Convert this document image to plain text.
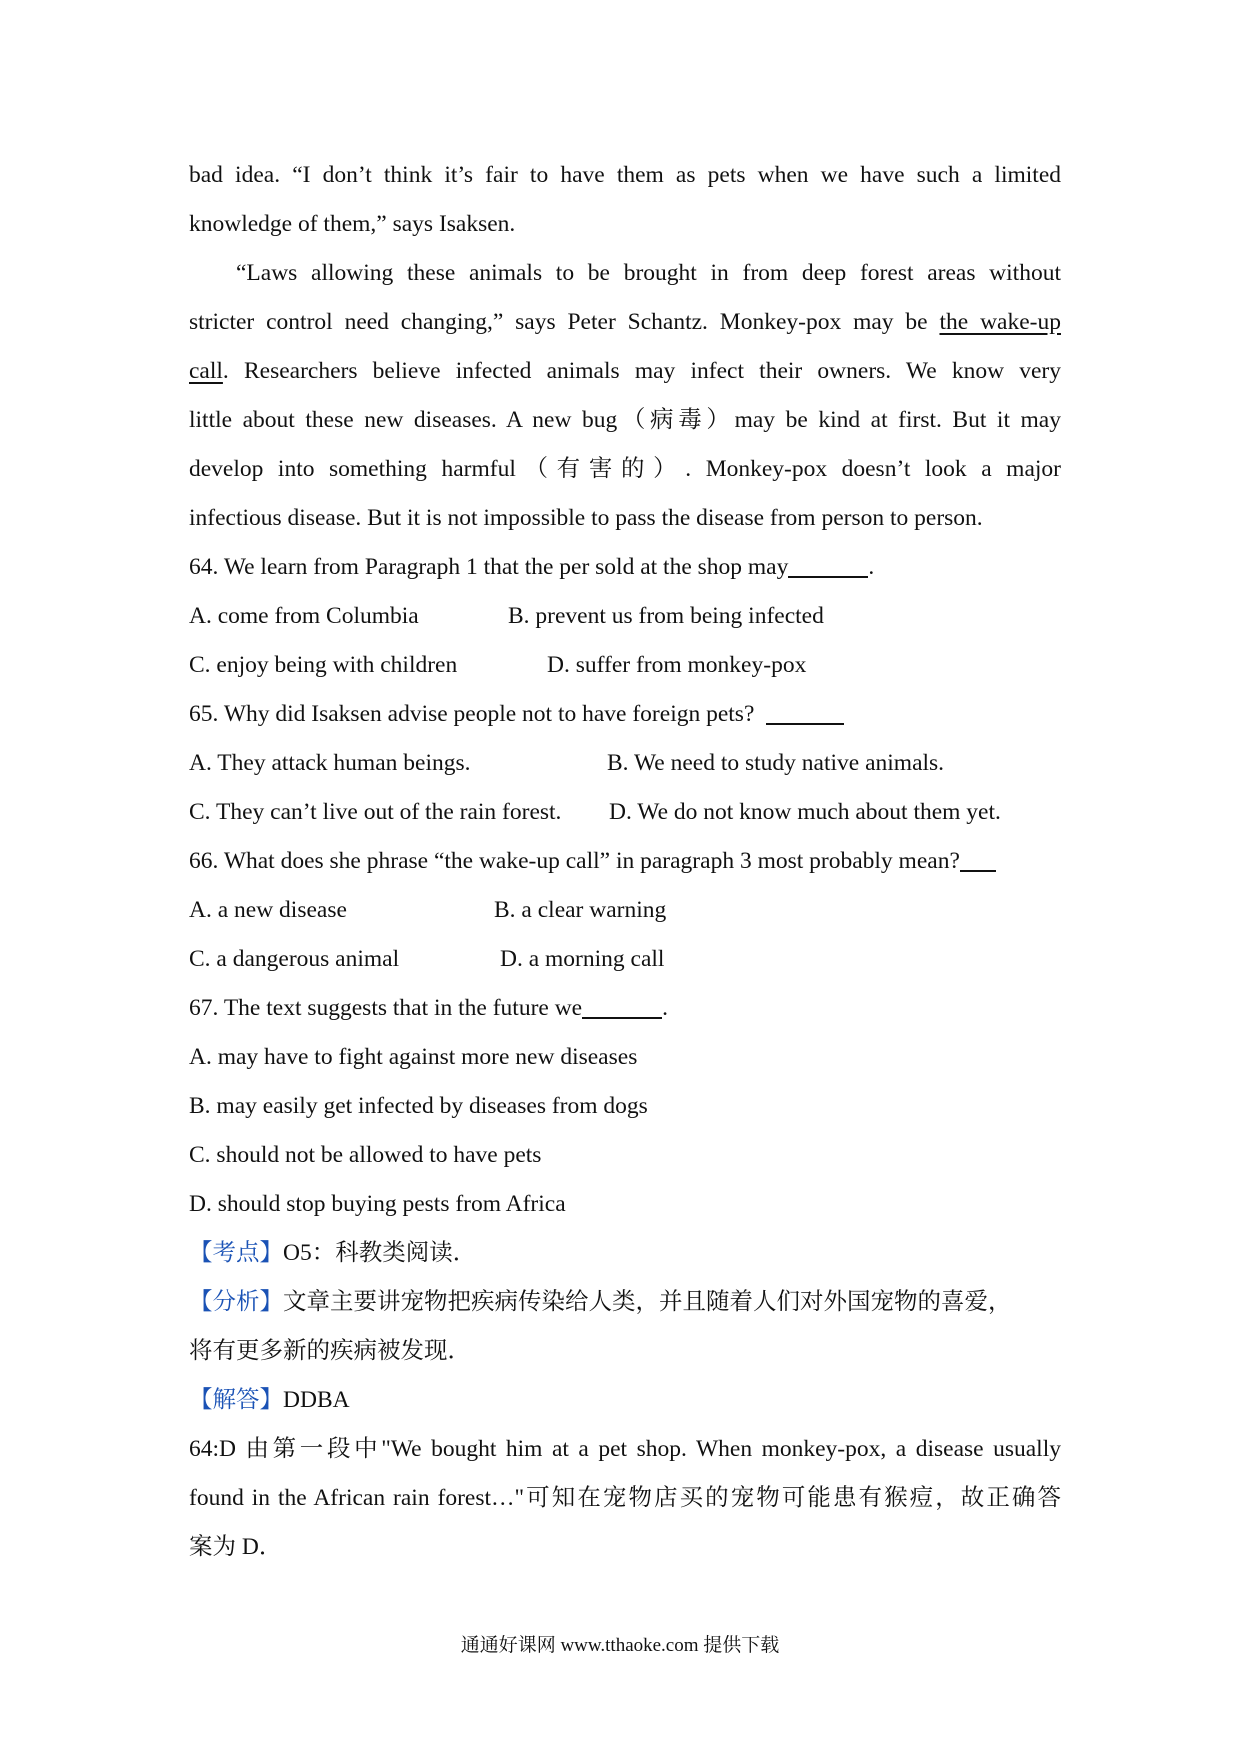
bad idea. “I don’t think it’s fair to have them as pets when we have such a limited
knowledge of them,” says Isaksen.
“Laws allowing these animals to be brought in from deep forest areas without
stricter control need changing,” says Peter Schantz. Monkey-pox may be the wake-up
call. Researchers believe infected animals may infect their owners. We know very
little about these new diseases. A new bug（病毒）may be kind at first. But it may
develop into something harmful（有害的）. Monkey-pox doesn’t look a major
infectious disease. But it is not impossible to pass the disease from person to person.
64. We learn from Paragraph 1 that the per sold at the shop may	.
A. come from Columbia	B. prevent us from being infected
C. enjoy being with children	D. suffer from monkey-pox
65. Why did Isaksen advise people not to have foreign pets?
A. They attack human beings.	B. We need to study native animals.
C. They can’t live out of the rain forest.	D. We do not know much about them yet.
66. What does she phrase “the wake-up call” in paragraph 3 most probably mean?
A. a new disease	B. a clear warning
C. a dangerous animal	D. a morning call
67. The text suggests that in the future we	.
A. may have to fight against more new diseases
B. may easily get infected by diseases from dogs
C. should not be allowed to have pets
D. should stop buying pests from Africa
【考点】O5：科教类阅读．
【分析】文章主要讲宠物把疾病传染给人类，并且随着人们对外国宠物的喜爱，
将有更多新的疾病被发现．
【解答】DDBA
64:D 由第一段中"We bought him at a pet shop. When monkey-pox, a disease usually
found in the African rain forest…"可知在宠物店买的宠物可能患有猴痘，故正确答
案为 D．
通通好课网 www.tthaoke.com 提供下载
